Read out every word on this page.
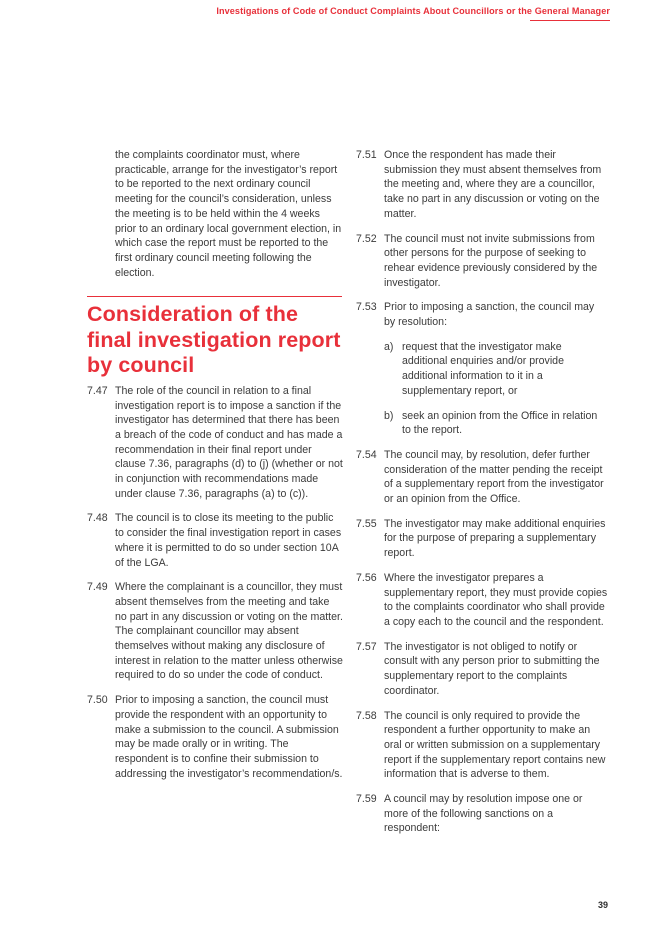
Investigations of Code of Conduct Complaints About Councillors or the General Manager

the complaints coordinator must, where practicable, arrange for the investigator’s report to be reported to the next ordinary council meeting for the council’s consideration, unless the meeting is to be held within the 4 weeks prior to an ordinary local government election, in which case the report must be reported to the first ordinary council meeting following the election.

Consideration of the final investigation report by council
7.47 The role of the council in relation to a final investigation report is to impose a sanction if the investigator has determined that there has been a breach of the code of conduct and has made a recommendation in their final report under clause 7.36, paragraphs (d) to (j) (whether or not in conjunction with recommendations made under clause 7.36, paragraphs (a) to (c)).

7.48 The council is to close its meeting to the public to consider the final investigation report in cases where it is permitted to do so under section 10A of the LGA.

7.49 Where the complainant is a councillor, they must absent themselves from the meeting and take no part in any discussion or voting on the matter. The complainant councillor may absent themselves without making any disclosure of interest in relation to the matter unless otherwise required to do so under the code of conduct.

7.50 Prior to imposing a sanction, the council must provide the respondent with an opportunity to make a submission to the council. A submission may be made orally or in writing. The respondent is to confine their submission to addressing the investigator’s recommendation/s.

7.51 Once the respondent has made their submission they must absent themselves from the meeting and, where they are a councillor, take no part in any discussion or voting on the matter.

7.52 The council must not invite submissions from other persons for the purpose of seeking to rehear evidence previously considered by the investigator.

7.53 Prior to imposing a sanction, the council may by resolution:

a) request that the investigator make additional enquiries and/or provide additional information to it in a supplementary report, or

b) seek an opinion from the Office in relation to the report.

7.54 The council may, by resolution, defer further consideration of the matter pending the receipt of a supplementary report from the investigator or an opinion from the Office.

7.55 The investigator may make additional enquiries for the purpose of preparing a supplementary report.

7.56 Where the investigator prepares a supplementary report, they must provide copies to the complaints coordinator who shall provide a copy each to the council and the respondent.

7.57 The investigator is not obliged to notify or consult with any person prior to submitting the supplementary report to the complaints coordinator.

7.58 The council is only required to provide the respondent a further opportunity to make an oral or written submission on a supplementary report if the supplementary report contains new information that is adverse to them.

7.59 A council may by resolution impose one or more of the following sanctions on a respondent:

39
